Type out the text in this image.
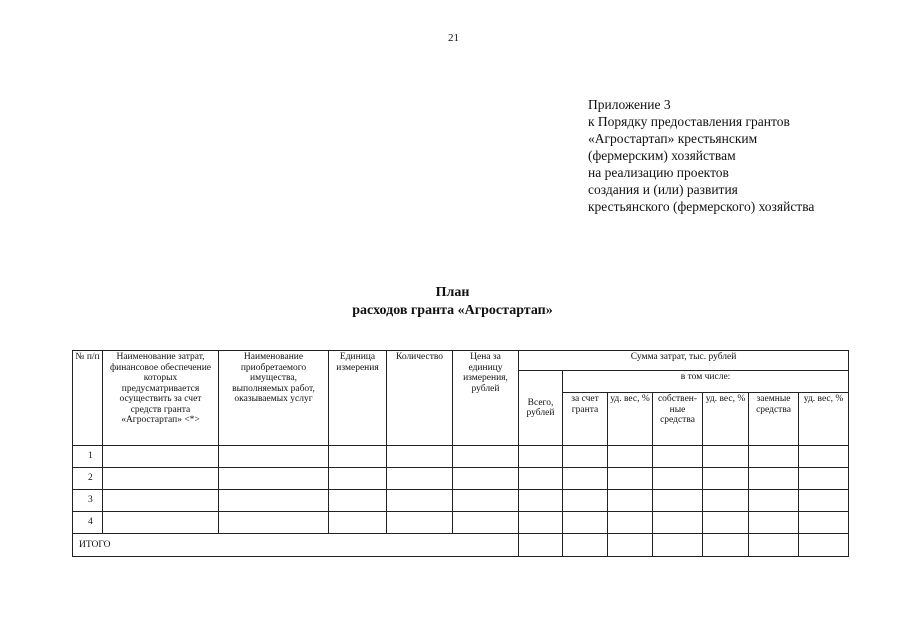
21
Приложение 3
к Порядку предоставления грантов
«Агростартап» крестьянским
(фермерским) хозяйствам
на реализацию проектов
создания и (или) развития
крестьянского (фермерского) хозяйства
План
расходов гранта «Агростартап»
№ п/п	Наименование затрат, финансовое обеспечение которых предусматривается осуществить за счет средств гранта «Агростартап» <*>	Наименование приобретаемого имущества, выполняемых работ, оказываемых услуг	Единица измерения	Количество	Цена за единицу измерения, рублей	Сумма затрат, тыс. рублей						
						Всего, рублей	в том числе:					
							за счет гранта	уд. вес, %	собствен-ные средства	уд. вес, %	заемные средства	уд. вес, %
1												
2												
3												
4												
ИТОГО												
